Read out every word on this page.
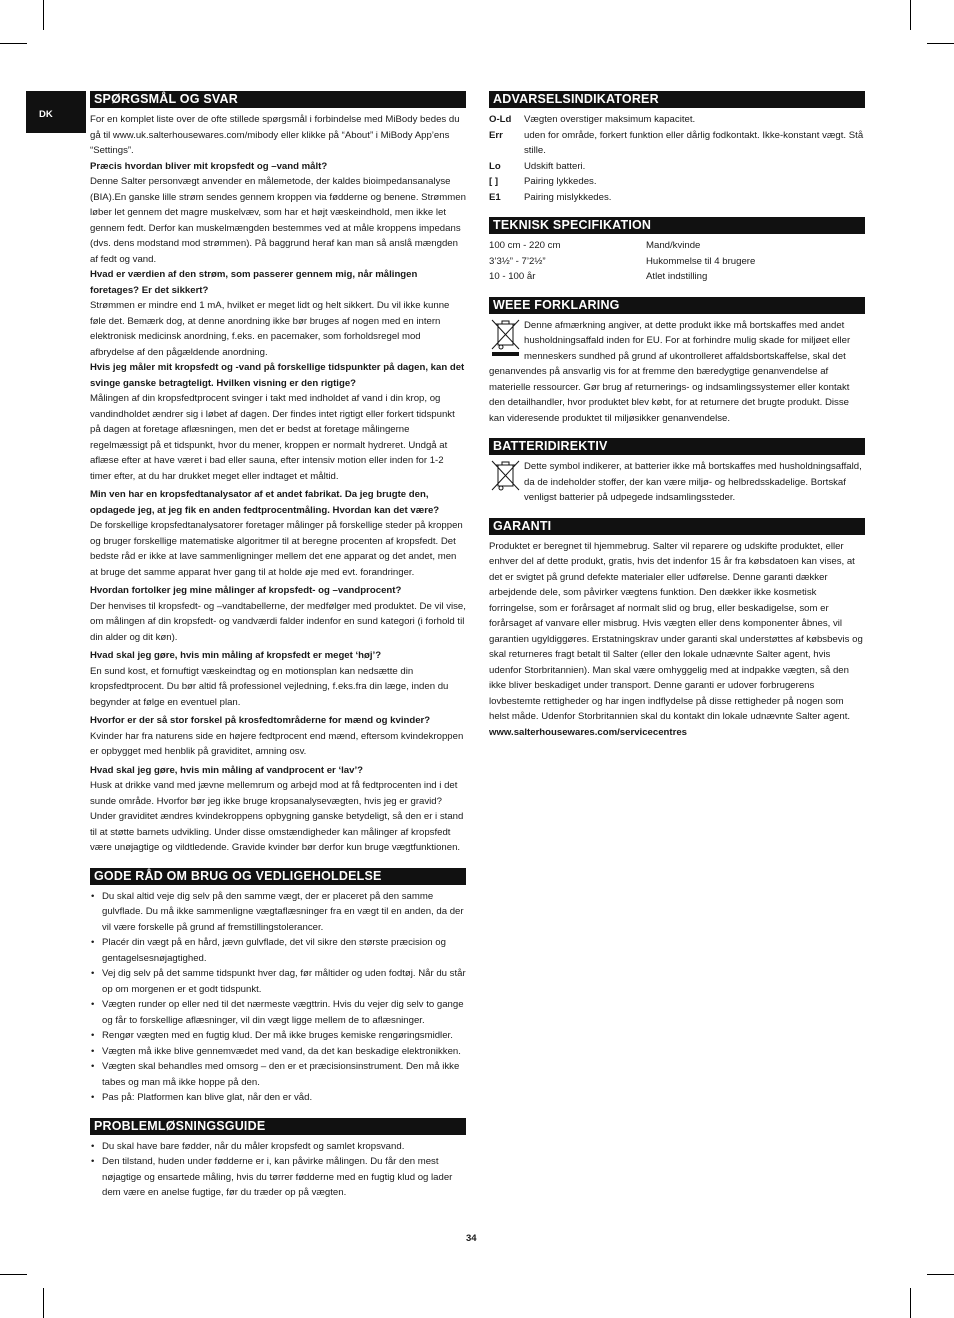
DK
SPØRGSMÅL OG SVAR

For en komplet liste over de ofte stillede spørgsmål i forbindelse med MiBody bedes du gå til www.uk.salterhousewares.com/mibody eller klikke på “About” i MiBody App’ens “Settings”.

Præcis hvordan bliver mit kropsfedt og –vand målt?

Denne Salter personvægt anvender en målemetode, der kaldes bioimpedansanalyse (BIA).En ganske lille strøm sendes gennem kroppen via fødderne og benene. Strømmen løber let gennem det magre muskelvæv, som har et højt væskeindhold, men ikke let gennem fedt. Derfor kan muskelmængden bestemmes ved at måle kroppens impedans (dvs. dens modstand mod strømmen). På baggrund heraf kan man så anslå mængden af fedt og vand.

Hvad er værdien af den strøm, som passerer gennem mig, når målingen foretages? Er det sikkert?

Strømmen er mindre end 1 mA, hvilket er meget lidt og helt sikkert. Du vil ikke kunne føle det. Bemærk dog, at denne anordning ikke bør bruges af nogen med en intern elektronisk medicinsk anordning, f.eks. en pacemaker, som forholdsregel mod afbrydelse af den pågældende anordning.

Hvis jeg måler mit kropsfedt og -vand på forskellige tidspunkter på dagen, kan det svinge ganske betragteligt. Hvilken visning er den rigtige?

Målingen af din kropsfedtprocent svinger i takt med indholdet af vand i din krop, og vandindholdet ændrer sig i løbet af dagen. Der findes intet rigtigt eller forkert tidspunkt på dagen at foretage aflæsningen, men det er bedst at foretage målingerne regelmæssigt på et tidspunkt, hvor du mener, kroppen er normalt hydreret. Undgå at aflæse efter at have været i bad eller sauna, efter intensiv motion eller inden for 1-2 timer efter, at du har drukket meget eller indtaget et måltid.

Min ven har en kropsfedtanalysator af et andet fabrikat. Da jeg brugte den, opdagede jeg, at jeg fik en anden fedtprocentmåling. Hvordan kan det være?

De forskellige kropsfedtanalysatorer foretager målinger på forskellige steder på kroppen og bruger forskellige matematiske algoritmer til at beregne procenten af kropsfedt. Det bedste råd er ikke at lave sammenligninger mellem det ene apparat og det andet, men at bruge det samme apparat hver gang til at holde øje med evt. forandringer.

Hvordan fortolker jeg mine målinger af kropsfedt- og –vandprocent?

Der henvises til kropsfedt- og –vandtabellerne, der medfølger med produktet. De vil vise, om målingen af din kropsfedt- og vandværdi falder indenfor en sund kategori (i forhold til din alder og dit køn).

Hvad skal jeg gøre, hvis min måling af kropsfedt er meget ‘høj’?

En sund kost, et fornuftigt væskeindtag og en motionsplan kan nedsætte din kropsfedtprocent. Du bør altid få professionel vejledning, f.eks.fra din læge, inden du begynder at følge en eventuel plan.

Hvorfor er der så stor forskel på krosfedtområderne for mænd og kvinder?

Kvinder har fra naturens side en højere fedtprocent end mænd, eftersom kvindekroppen er opbygget med henblik på graviditet, amning osv.

Hvad skal jeg gøre, hvis min måling af vandprocent er ‘lav’?

Husk at drikke vand med jævne mellemrum og arbejd mod at få fedtprocenten ind i det sunde område. Hvorfor bør jeg ikke bruge kropsanalysevægten, hvis jeg er gravid? Under graviditet ændres kvindekroppens opbygning ganske betydeligt, så den er i stand til at støtte barnets udvikling. Under disse omstændigheder kan målinger af kropsfedt være unøjagtige og vildtledende. Gravide kvinder bør derfor kun bruge vægtfunktionen.

GODE RÅD OM BRUG OG VEDLIGEHOLDELSE
• Du skal altid veje dig selv på den samme vægt, der er placeret på den samme gulvflade. Du må ikke sammenligne vægtaflæsninger fra en vægt til en anden, da der vil være forskelle på grund af fremstillingstolerancer.
• Placér din vægt på en hård, jævn gulvflade, det vil sikre den største præcision og gentagelsesnøjagtighed.
• Vej dig selv på det samme tidspunkt hver dag, før måltider og uden fodtøj. Når du står op om morgenen er et godt tidspunkt.
• Vægten runder op eller ned til det nærmeste vægttrin. Hvis du vejer dig selv to gange og får to forskellige aflæsninger, vil din vægt ligge mellem de to aflæsninger.
• Rengør vægten med en fugtig klud. Der må ikke bruges kemiske rengøringsmidler.
• Vægten må ikke blive gennemvædet med vand, da det kan beskadige elektronikken.
• Vægten skal behandles med omsorg – den er et præcisionsinstrument. Den må ikke tabes og man må ikke hoppe på den.
• Pas på: Platformen kan blive glat, når den er våd.
PROBLEMLØSNINGSGUIDE
• Du skal have bare fødder, når du måler kropsfedt og samlet kropsvand.
• Den tilstand, huden under fødderne er i, kan påvirke målingen. Du får den mest nøjagtige og ensartede måling, hvis du tørrer fødderne med en fugtig klud og lader dem være en anelse fugtige, før du træder op på vægten.
ADVARSELSINDIKATORER
O-Ld	Vægten overstiger maksimum kapacitet.
Err	uden for område, forkert funktion eller dårlig fodkontakt. Ikke-konstant vægt. Stå stille.
Lo	Udskift batteri.
[ ]	Pairing lykkedes.
E1	Pairing mislykkedes.
TEKNISK SPECIFIKATION
100 cm - 220 cm	Mand/kvinde
3’3½” - 7’2½”	Hukommelse til 4 brugere
10 - 100 år	Atlet indstilling
WEEE FORKLARING

Denne afmærkning angiver, at dette produkt ikke må bortskaffes med andet husholdningsaffald inden for EU. For at forhindre mulig skade for miljøet eller menneskers sundhed på grund af ukontrolleret affaldsbortskaffelse, skal det genanvendes på ansvarlig vis for at fremme den bæredygtige genanvendelse af materielle ressourcer. Gør brug af returnerings- og indsamlingssystemer eller kontakt den detailhandler, hvor produktet blev købt, for at returnere det brugte produkt. Disse kan videresende produktet til miljøsikker genanvendelse.

BATTERIDIREKTIV

Dette symbol indikerer, at batterier ikke må bortskaffes med husholdningsaffald, da de indeholder stoffer, der kan være miljø- og helbredsskadelige. Bortskaf venligst batterier på udpegede indsamlingssteder.

GARANTI

Produktet er beregnet til hjemmebrug. Salter vil reparere og udskifte produktet, eller enhver del af dette produkt, gratis, hvis det indenfor 15 år fra købsdatoen kan vises, at det er svigtet på grund defekte materialer eller udførelse. Denne garanti dækker arbejdende dele, som påvirker vægtens funktion. Den dækker ikke kosmetisk forringelse, som er forårsaget af normalt slid og brug, eller beskadigelse, som er forårsaget af vanvare eller misbrug. Hvis vægten eller dens komponenter åbnes, vil garantien ugyldiggøres. Erstatningskrav under garanti skal understøttes af købsbevis og skal returneres fragt betalt til Salter (eller den lokale udnævnte Salter agent, hvis udenfor Storbritannien). Man skal være omhyggelig med at indpakke vægten, så den ikke bliver beskadiget under transport. Denne garanti er udover forbrugerens lovbestemte rettigheder og har ingen indflydelse på disse rettigheder på nogen som helst måde. Udenfor Storbritannien skal du kontakt din lokale udnævnte Salter agent.

www.salterhousewares.com/servicecentres

34
